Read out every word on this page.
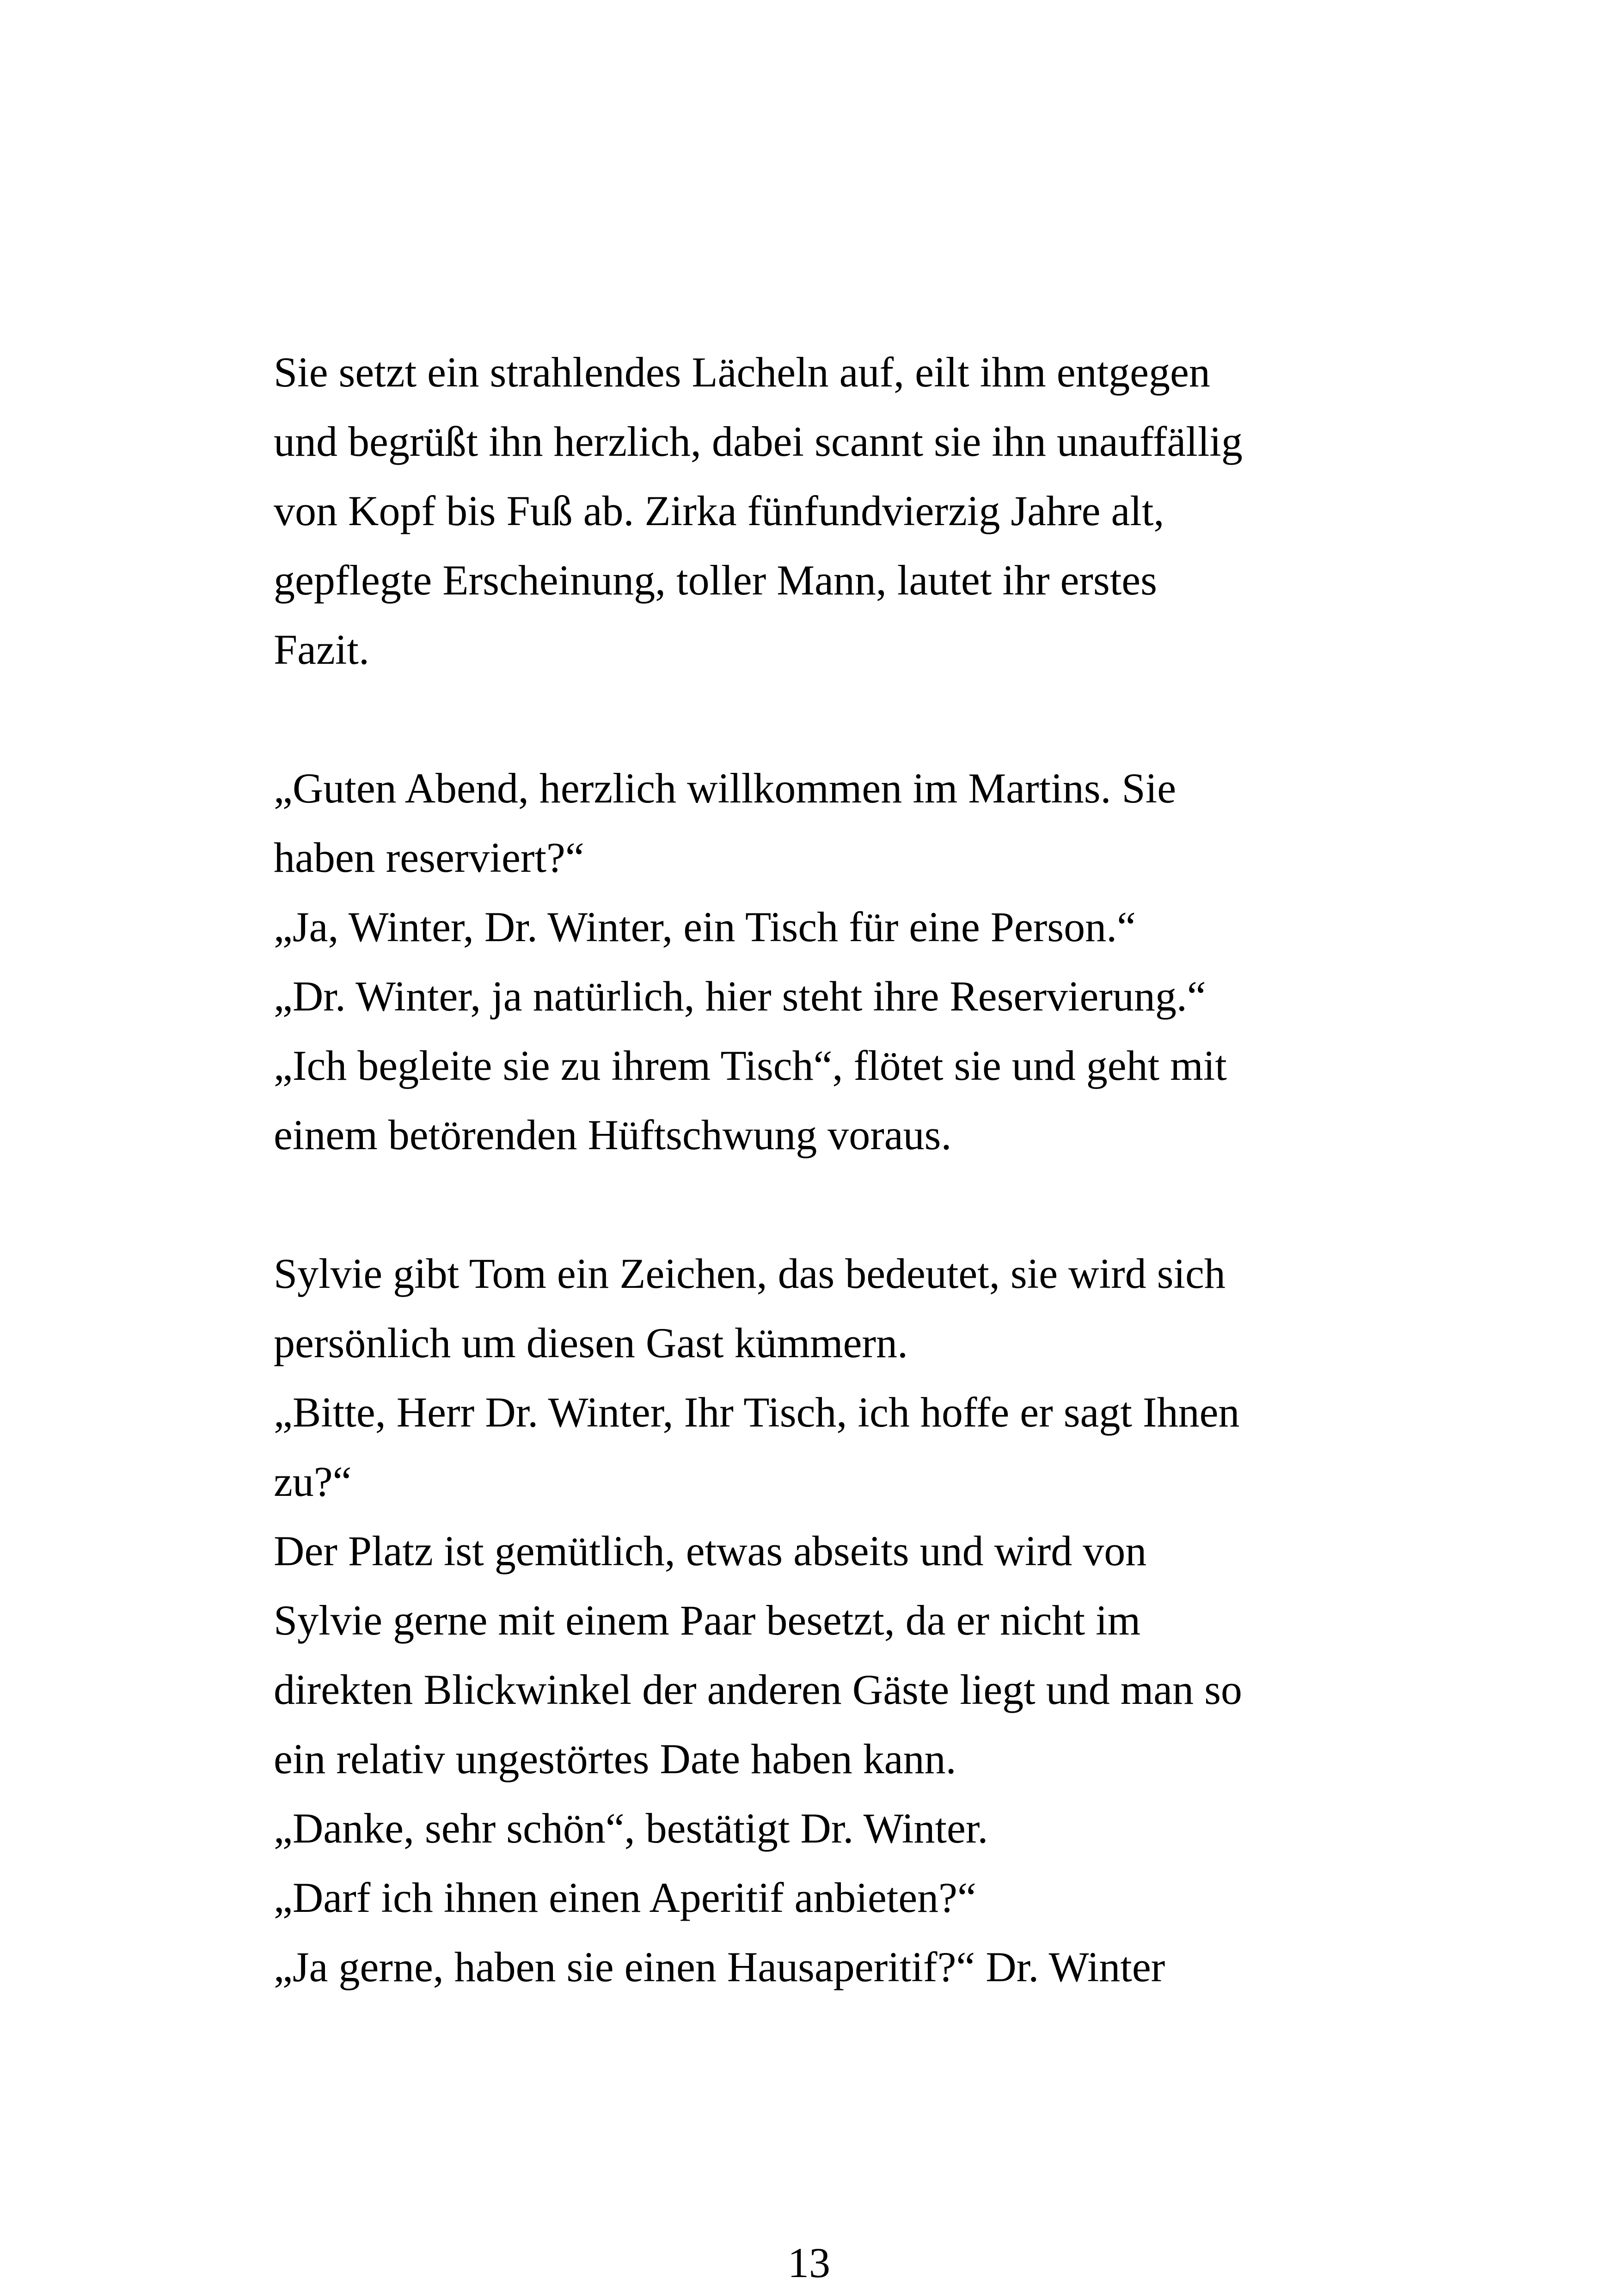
Sie setzt ein strahlendes Lächeln auf, eilt ihm entgegen
und begrüßt ihn herzlich, dabei scannt sie ihn unauffällig
von Kopf bis Fuß ab. Zirka fünfundvierzig Jahre alt,
gepflegte Erscheinung, toller Mann, lautet ihr erstes
Fazit.
„Guten Abend, herzlich willkommen im Martins. Sie
haben reserviert?“
„Ja, Winter, Dr. Winter, ein Tisch für eine Person.“
„Dr. Winter, ja natürlich, hier steht ihre Reservierung.“
„Ich begleite sie zu ihrem Tisch“, flötet sie und geht mit
einem betörenden Hüftschwung voraus.
Sylvie gibt Tom ein Zeichen, das bedeutet, sie wird sich
persönlich um diesen Gast kümmern.
„Bitte, Herr Dr. Winter, Ihr Tisch, ich hoffe er sagt Ihnen
zu?“
Der Platz ist gemütlich, etwas abseits und wird von
Sylvie gerne mit einem Paar besetzt, da er nicht im
direkten Blickwinkel der anderen Gäste liegt und man so
ein relativ ungestörtes Date haben kann.
„Danke, sehr schön“, bestätigt Dr. Winter.
„Darf ich ihnen einen Aperitif anbieten?“
„Ja gerne, haben sie einen Hausaperitif?“ Dr. Winter
13
